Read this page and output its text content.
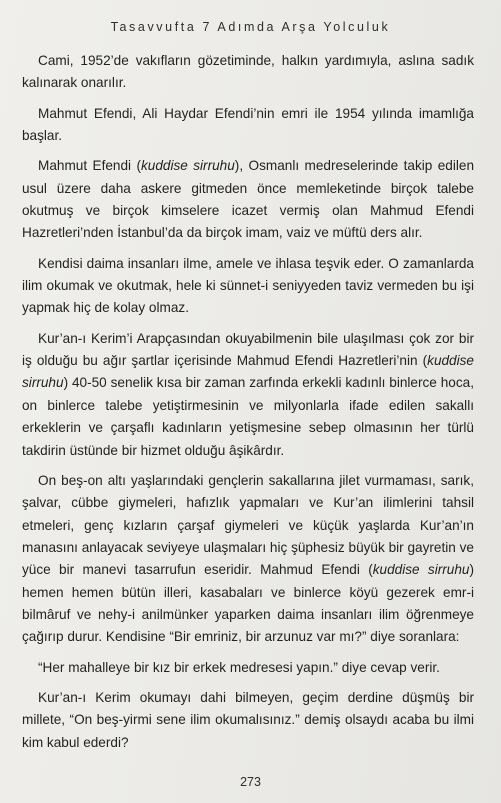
Tasavvufta 7 Adımda Arşa Yolculuk

Cami, 1952’de vakıfların gözetiminde, halkın yardımıyla, aslına sadık kalınarak onarılır.

Mahmut Efendi, Ali Haydar Efendi’nin emri ile 1954 yılında imamlığa başlar.

Mahmut Efendi (kuddise sirruhu), Osmanlı medreselerinde takip edilen usul üzere daha askere gitmeden önce memleketinde birçok talebe okutmuş ve birçok kimselere icazet vermiş olan Mahmud Efendi Hazretleri’nden İstanbul’da da birçok imam, vaiz ve müftü ders alır.

Kendisi daima insanları ilme, amele ve ihlasa teşvik eder. O zamanlarda ilim okumak ve okutmak, hele ki sünnet-i seniyyeden taviz vermeden bu işi yapmak hiç de kolay olmaz.

Kur’an-ı Kerim’i Arapçasından okuyabilmenin bile ulaşılması çok zor bir iş olduğu bu ağır şartlar içerisinde Mahmud Efendi Hazretleri’nin (kuddise sirruhu) 40-50 senelik kısa bir zaman zarfında erkekli kadınlı binlerce hoca, on binlerce talebe yetiştirmesinin ve milyonlarla ifade edilen sakallı erkeklerin ve çarşaflı kadınların yetişmesine sebep olmasının her türlü takdirin üstünde bir hizmet olduğu âşikârdır.

On beş-on altı yaşlarındaki gençlerin sakallarına jilet vurmaması, sarık, şalvar, cübbe giymeleri, hafızlık yapmaları ve Kur’an ilimlerini tahsil etmeleri, genç kızların çarşaf giymeleri ve küçük yaşlarda Kur’an’ın manasını anlayacak seviyeye ulaşmaları hiç şüphesiz büyük bir gayretin ve yüce bir manevi tasarrufun eseridir. Mahmud Efendi (kuddise sirruhu) hemen hemen bütün illeri, kasabaları ve binlerce köyü gezerek emr-i bilmâruf ve nehy-i anilmünker yaparken daima insanları ilim öğrenmeye çağırıp durur. Kendisine “Bir emriniz, bir arzunuz var mı?” diye soranlara:

“Her mahalleye bir kız bir erkek medresesi yapın.” diye cevap verir.

Kur’an-ı Kerim okumayı dahi bilmeyen, geçim derdine düşmüş bir millete, “On beş-yirmi sene ilim okumalısınız.” demiş olsaydı acaba bu ilmi kim kabul ederdi?

273
